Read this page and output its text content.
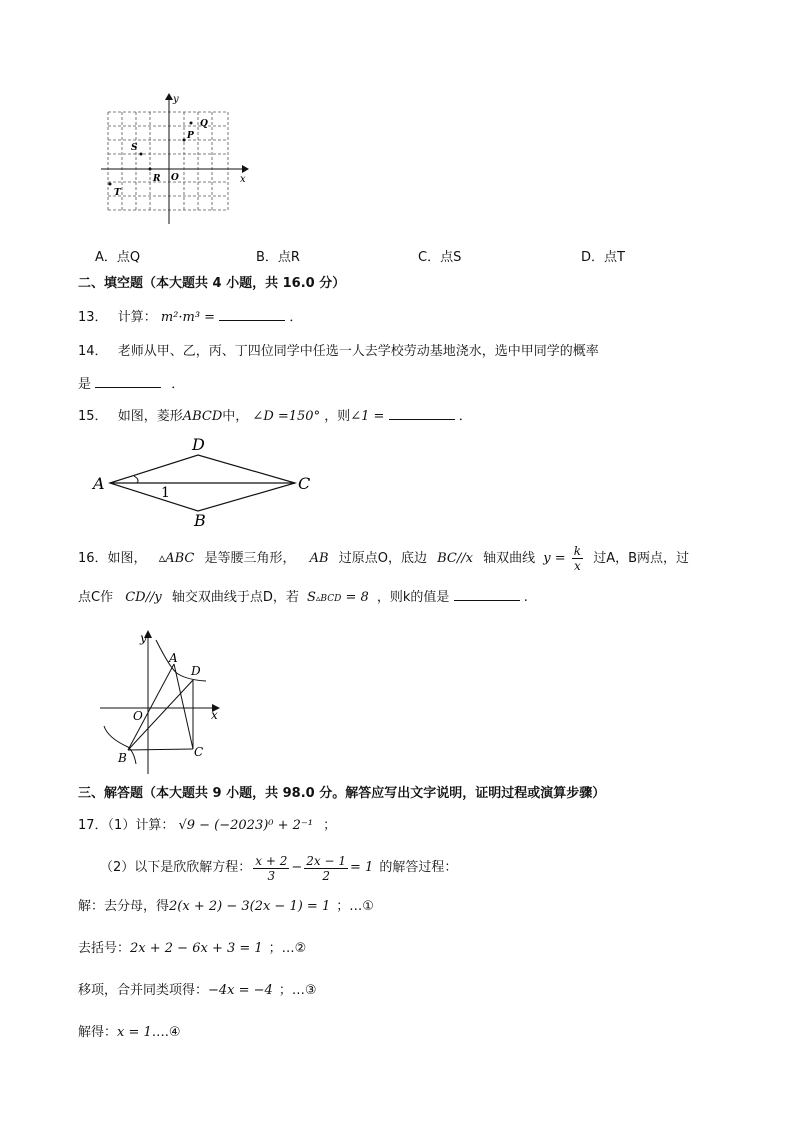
y
x
Q
P
S
R O
T
A．点Q	B．点R	C．点S	D．点T
二、填空题（本大题共 4 小题，共 16.0 分）
13． 计算： m²·m³ =	．
14． 老师从甲、乙，丙、丁四位同学中任选一人去学校劳动基地浇水，选中甲同学的概率
是	．
15． 如图，菱形ABCD中， ∠D =150° ，则∠1 =	．
D
A	C
B
1
16．如图， ▵ABC 是等腰三角形， AB 过原点O，底边 BC//x 轴双曲线 $y = \frac{k}{x}$ 过A，B两点，过
点C作 CD//y 轴交双曲线于点D，若 S▵BCD = 8 ，则k的值是	.
y
A
D
O	x
B	C
三、解答题（本大题共 9 小题，共 98.0 分。解答应写出文字说明，证明过程或演算步骤）
17．（1）计算： √9 − (−2023)⁰ + 2⁻¹ ；
（2）以下是欣欣解方程： $\frac{x + 2}{3} - \frac{2x - 1}{2} = 1$ 的解答过程：
解：去分母，得2(x + 2) − 3(2x − 1) = 1 ；…①
去括号：2x + 2 − 6x + 3 = 1 ；…②
移项，合并同类项得：−4x = −4 ；…③
解得：x = 1….④
